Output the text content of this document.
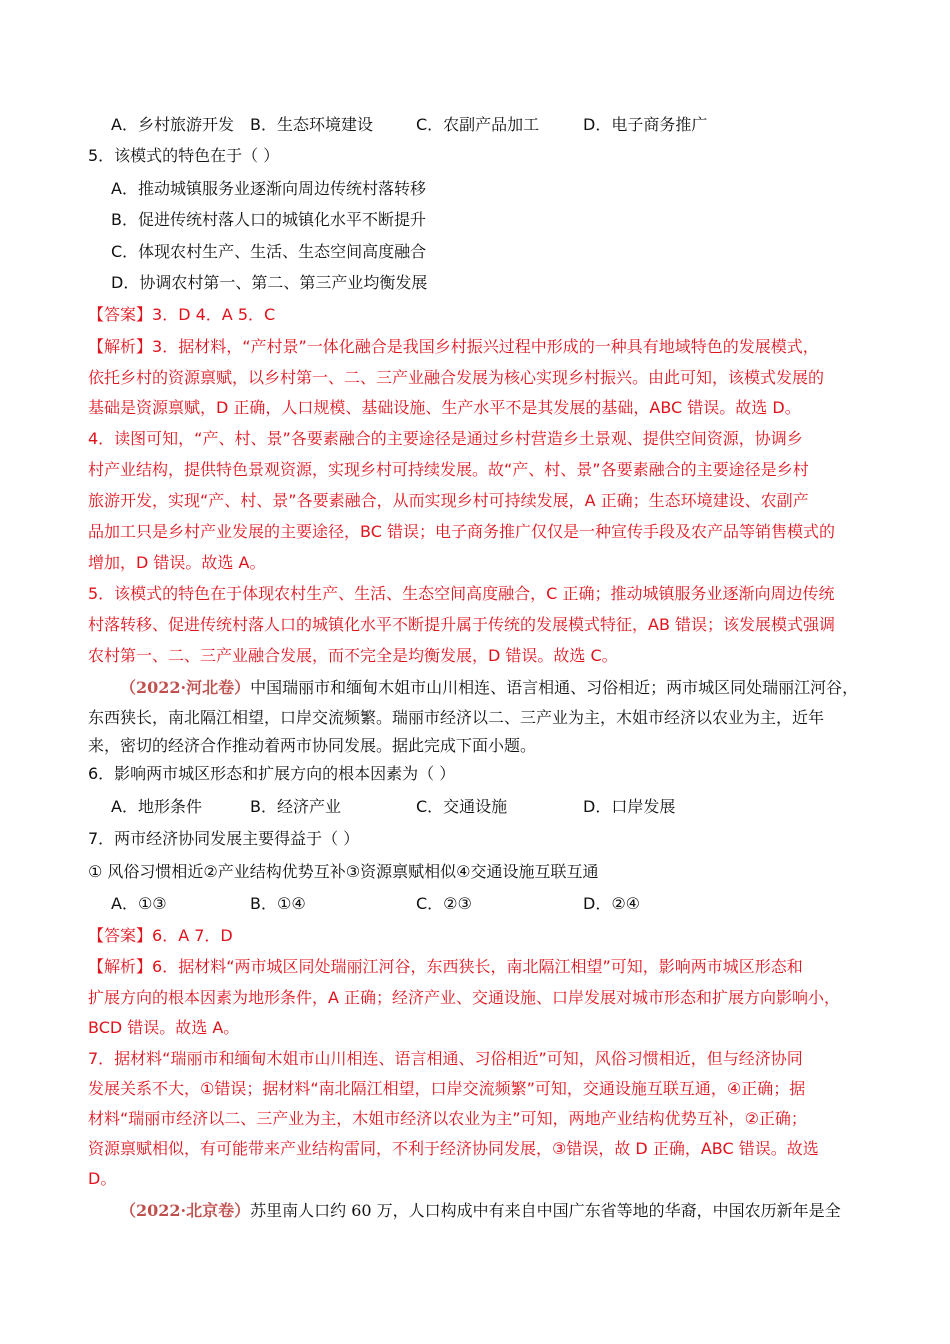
A．乡村旅游开发 B．生态环境建设	C．农副产品加工	D．电子商务推广
5．该模式的特色在于（ ）
A．推动城镇服务业逐渐向周边传统村落转移
B．促进传统村落人口的城镇化水平不断提升
C．体现农村生产、生活、生态空间高度融合
D．协调农村第一、第二、第三产业均衡发展
【答案】3．D 4．A 5．C
【解析】3．据材料，“产村景”一体化融合是我国乡村振兴过程中形成的一种具有地域特色的发展模式，
依托乡村的资源禀赋，以乡村第一、二、三产业融合发展为核心实现乡村振兴。由此可知，该模式发展的
基础是资源禀赋，D 正确，人口规模、基础设施、生产水平不是其发展的基础，ABC 错误。故选 D。
4．读图可知，“产、村、景”各要素融合的主要途径是通过乡村营造乡土景观、提供空间资源，协调乡
村产业结构，提供特色景观资源，实现乡村可持续发展。故“产、村、景”各要素融合的主要途径是乡村
旅游开发，实现“产、村、景”各要素融合，从而实现乡村可持续发展，A 正确；生态环境建设、农副产
品加工只是乡村产业发展的主要途径，BC 错误；电子商务推广仅仅是一种宣传手段及农产品等销售模式的
增加，D 错误。故选 A。
5．该模式的特色在于体现农村生产、生活、生态空间高度融合，C 正确；推动城镇服务业逐渐向周边传统
村落转移、促进传统村落人口的城镇化水平不断提升属于传统的发展模式特征，AB 错误；该发展模式强调
农村第一、二、三产业融合发展，而不完全是均衡发展，D 错误。故选 C。
（2022·河北卷）中国瑞丽市和缅甸木姐市山川相连、语言相通、习俗相近；两市城区同处瑞丽江河谷，
东西狭长，南北隔江相望，口岸交流频繁。瑞丽市经济以二、三产业为主，木姐市经济以农业为主，近年
来，密切的经济合作推动着两市协同发展。据此完成下面小题。
6．影响两市城区形态和扩展方向的根本因素为（ ）
A．地形条件	B．经济产业	C．交通设施	D．口岸发展
7．两市经济协同发展主要得益于（ ）
① 风俗习惯相近②产业结构优势互补③资源禀赋相似④交通设施互联互通
A．①③	B．①④	C．②③	D．②④
【答案】6．A 7．D
【解析】6．据材料“两市城区同处瑞丽江河谷，东西狭长，南北隔江相望”可知，影响两市城区形态和
扩展方向的根本因素为地形条件，A 正确；经济产业、交通设施、口岸发展对城市形态和扩展方向影响小，
BCD 错误。故选 A。
7．据材料“瑞丽市和缅甸木姐市山川相连、语言相通、习俗相近”可知，风俗习惯相近，但与经济协同
发展关系不大，①错误；据材料“南北隔江相望，口岸交流频繁”可知，交通设施互联互通，④正确；据
材料“瑞丽市经济以二、三产业为主，木姐市经济以农业为主”可知，两地产业结构优势互补，②正确；
资源禀赋相似，有可能带来产业结构雷同，不利于经济协同发展，③错误，故 D 正确，ABC 错误。故选
D。
（2022·北京卷）苏里南人口约 60 万，人口构成中有来自中国广东省等地的华裔，中国农历新年是全
